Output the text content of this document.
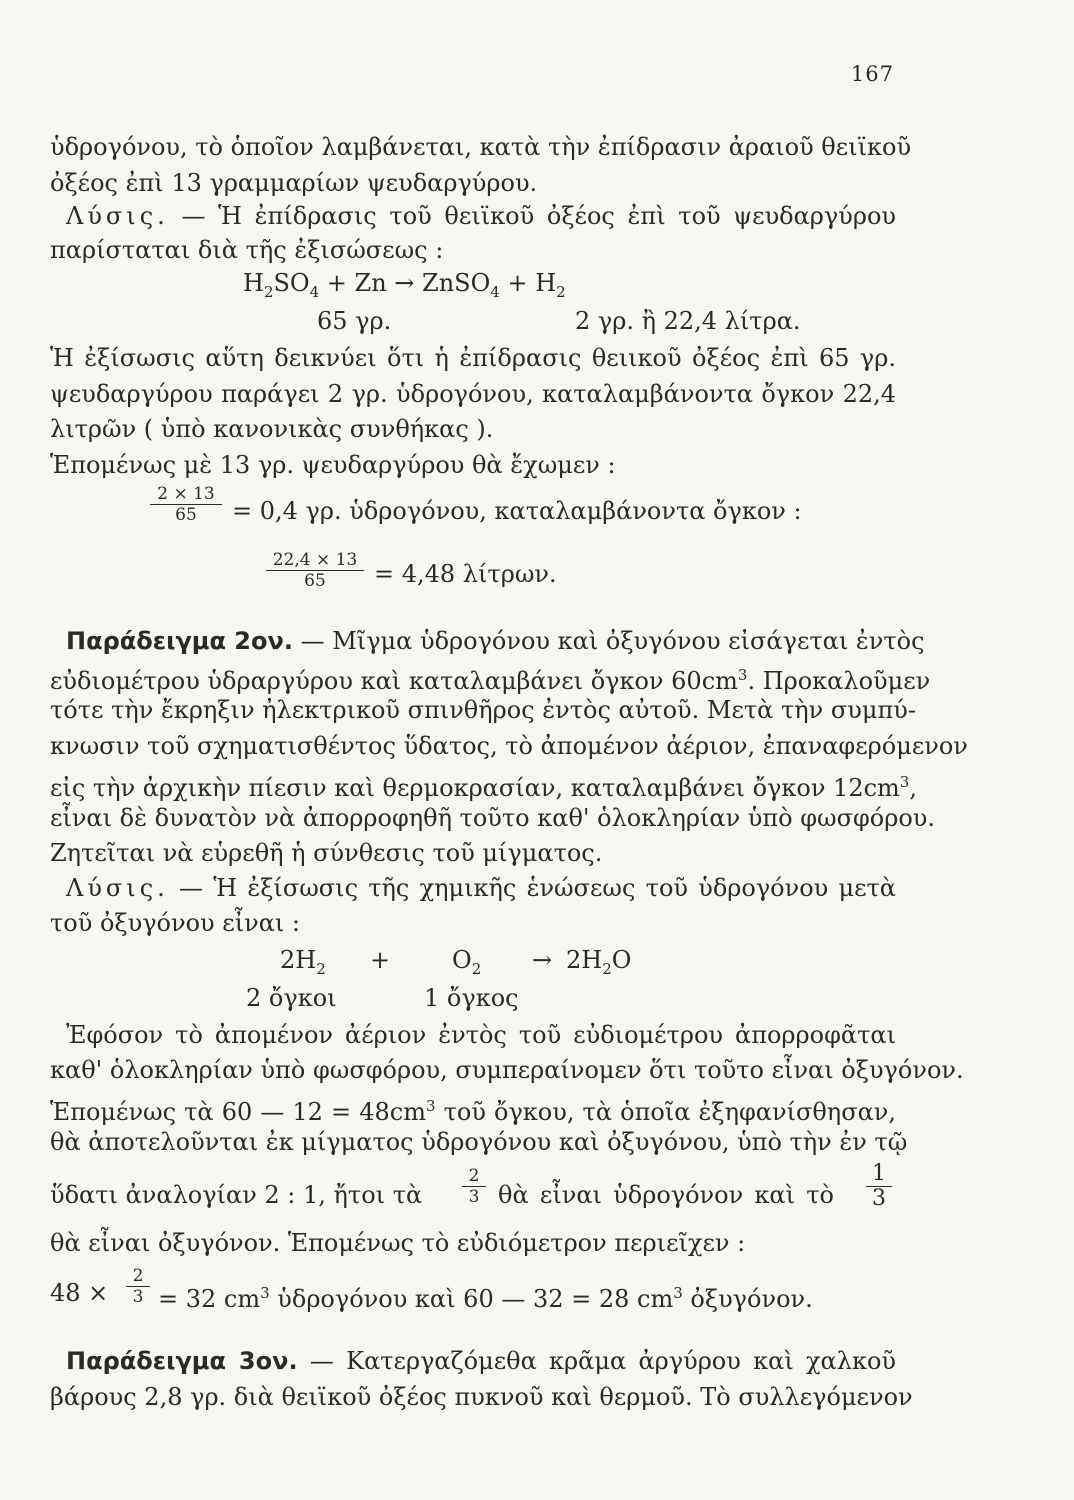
167
ὑδρογόνου, τὸ ὁποῖον λαμβάνεται, κατὰ τὴν ἐπίδρασιν ἀραιοῦ θειϊκοῦ
ὀξέος ἐπὶ 13 γραμμαρίων ψευδαργύρου.
Λύσις. — Ἡ ἐπίδρασις τοῦ θειϊκοῦ ὀξέος ἐπὶ τοῦ ψευδαργύρου
παρίσταται διὰ τῆς ἐξισώσεως :
$H_2SO_4 + Zn$ → ZnSO$_4$ + $H_2$
65 γρ.	2 γρ. ἢ 22,4 λίτρα.
Ἡ ἐξίσωσις αὕτη δεικνύει ὅτι ἡ ἐπίδρασις θειικοῦ ὀξέος ἐπὶ 65 γρ.
ψευδαργύρου παράγει 2 γρ. ὑδρογόνου, καταλαμβάνοντα ὄγκον 22,4
λιτρῶν ( ὑπὸ κανονικὰς συνθήκας ).
Ἑπομένως μὲ 13 γρ. ψευδαργύρου θὰ ἔχωμεν :
2 × 13
65	= 0,4 γρ. ὑδρογόνου, καταλαμβάνοντα ὄγκον :
22,4 × 13
65	= 4,48 λίτρων.
Παράδειγμα 2ον. — Μῖγμα ὑδρογόνου καὶ ὀξυγόνου εἰσάγεται ἐντὸς
εὐδιομέτρου ὑδραργύρου καὶ καταλαμβάνει ὄγκον $60cm^3$. Προκαλοῦμεν
τότε τὴν ἔκρηξιν ἠλεκτρικοῦ σπινθῆρος ἐντὸς αὐτοῦ. Μετὰ τὴν συμπύ-
κνωσιν τοῦ σχηματισθέντος ὕδατος, τὸ ἀπομένον ἀέριον, ἐπαναφερόμενον
εἰς τὴν ἀρχικὴν πίεσιν καὶ θερμοκρασίαν, καταλαμβάνει ὄγκον $12cm^3$,
εἶναι δὲ δυνατὸν νὰ ἀπορροφηθῆ τοῦτο καθ' ὁλοκληρίαν ὑπὸ φωσφόρου.
Ζητεῖται νὰ εὑρεθῆ ἡ σύνθεσις τοῦ μίγματος.
Λύσις. — Ἡ ἐξίσωσις τῆς χημικῆς ἑνώσεως τοῦ ὑδρογόνου μετὰ
τοῦ ὀξυγόνου εἶναι :
$2H_2$ +	$O_2 \to 2H_2O$
2 ὄγκοι	1 ὄγκος
Ἐφόσον τὸ ἀπομένον ἀέριον ἐντὸς τοῦ εὐδιομέτρου ἀπορροφᾶται
καθ' ὁλοκληρίαν ὑπὸ φωσφόρου, συμπεραίνομεν ὅτι τοῦτο εἶναι ὀξυγόνον.
Ἑπομένως τὰ 60 — $12 = 48cm^3$ τοῦ ὄγκου, τὰ ὁποῖα ἐξηφανίσθησαν,
θὰ ἀποτελοῦνται ἐκ μίγματος ὑδρογόνου καὶ ὀξυγόνου, ὑπὸ τὴν ἐν τῷ
ὕδατι ἀναλογίαν 2 : 1, ἤτοι τὰ
2
3 θὰ εἶναι ὑδρογόνον καὶ τὸ
1
3
θὰ εἶναι ὀξυγόνον. Ἑπομένως τὸ εὐδιόμετρον περιεῖχεν :
48 ×
2
3 = 32 $cm^3$ ὑδρογόνου καὶ 60 — 32 = 28 $cm^3$ ὀξυγόνον.
Παράδειγμα 3ον. — Κατεργαζόμεθα κρᾶμα ἀργύρου καὶ χαλκοῦ
βάρους 2,8 γρ. διὰ θειϊκοῦ ὀξέος πυκνοῦ καὶ θερμοῦ. Τὸ συλλεγόμενον
